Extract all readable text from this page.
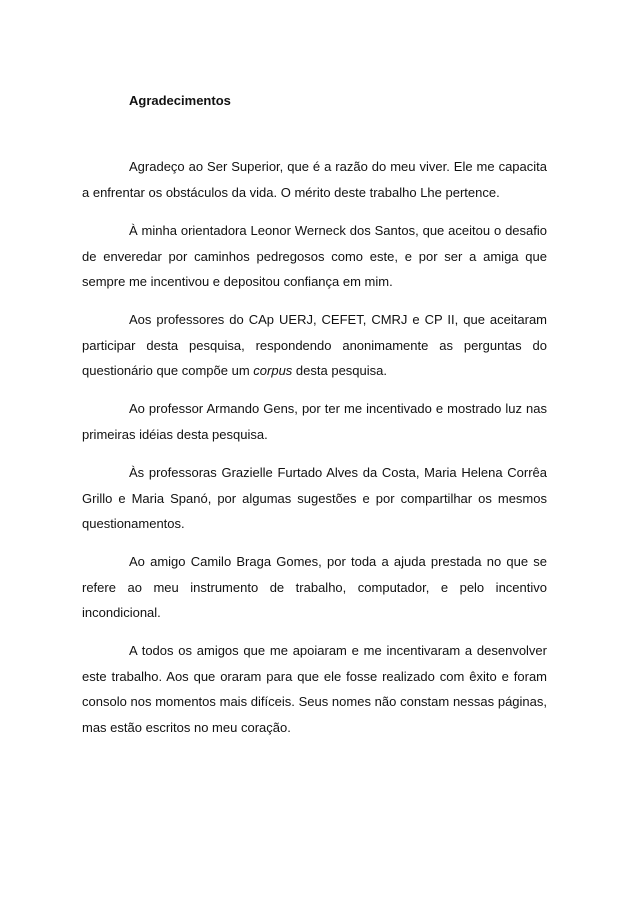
Agradecimentos

Agradeço ao Ser Superior, que é a razão do meu viver. Ele me capacita a enfrentar os obstáculos da vida. O mérito deste trabalho Lhe pertence.

À minha orientadora Leonor Werneck dos Santos, que aceitou o desafio de enveredar por caminhos pedregosos como este, e por ser a amiga que sempre me incentivou e depositou confiança em mim.

Aos professores do CAp UERJ, CEFET, CMRJ e CP II, que aceitaram participar desta pesquisa, respondendo anonimamente as perguntas do questionário que compõe um corpus desta pesquisa.

Ao professor Armando Gens, por ter me incentivado e mostrado luz nas primeiras idéias desta pesquisa.

Às professoras Grazielle Furtado Alves da Costa, Maria Helena Corrêa Grillo e Maria Spanó, por algumas sugestões e por compartilhar os mesmos questionamentos.

Ao amigo Camilo Braga Gomes, por toda a ajuda prestada no que se refere ao meu instrumento de trabalho, computador, e pelo incentivo incondicional.

A todos os amigos que me apoiaram e me incentivaram a desenvolver este trabalho. Aos que oraram para que ele fosse realizado com êxito e foram consolo nos momentos mais difíceis. Seus nomes não constam nessas páginas, mas estão escritos no meu coração.
